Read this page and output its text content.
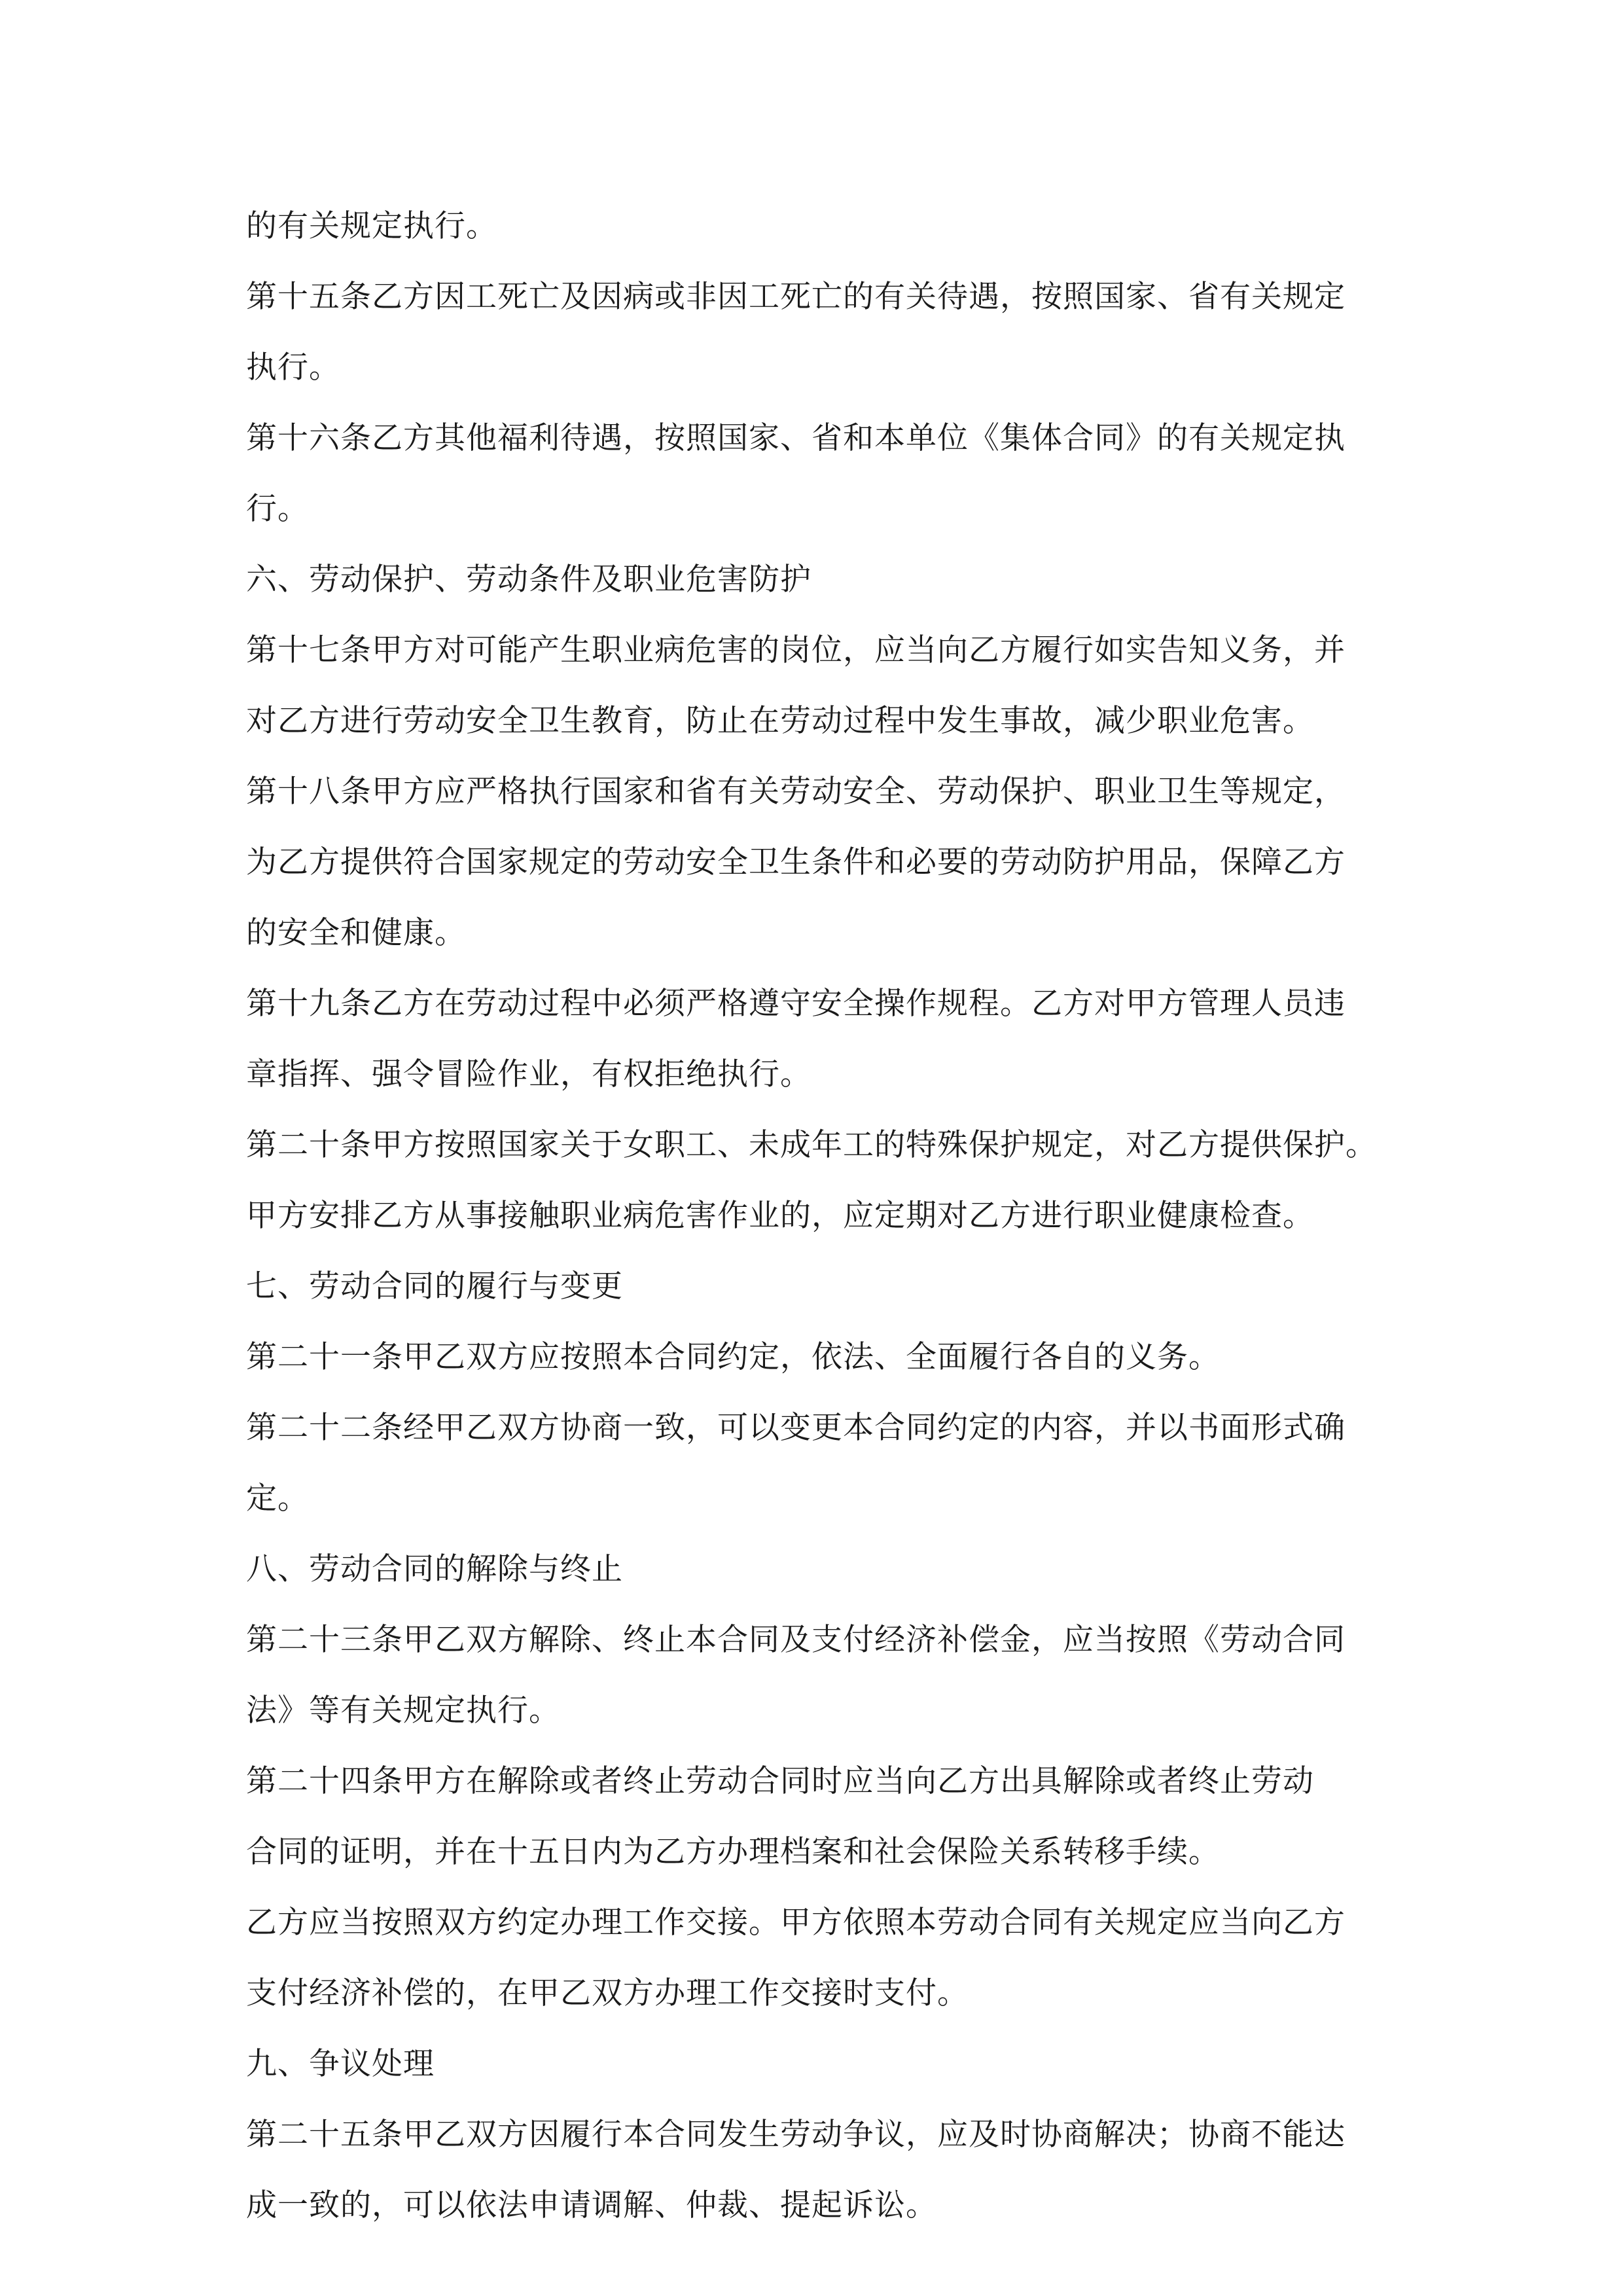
的有关规定执行。
第十五条乙方因工死亡及因病或非因工死亡的有关待遇，按照国家、省有关规定
执行。
第十六条乙方其他福利待遇，按照国家、省和本单位《集体合同》的有关规定执
行。
六、劳动保护、劳动条件及职业危害防护
第十七条甲方对可能产生职业病危害的岗位，应当向乙方履行如实告知义务，并
对乙方进行劳动安全卫生教育，防止在劳动过程中发生事故，减少职业危害。
第十八条甲方应严格执行国家和省有关劳动安全、劳动保护、职业卫生等规定，
为乙方提供符合国家规定的劳动安全卫生条件和必要的劳动防护用品，保障乙方
的安全和健康。
第十九条乙方在劳动过程中必须严格遵守安全操作规程。乙方对甲方管理人员违
章指挥、强令冒险作业，有权拒绝执行。
第二十条甲方按照国家关于女职工、未成年工的特殊保护规定，对乙方提供保护。
甲方安排乙方从事接触职业病危害作业的，应定期对乙方进行职业健康检查。
七、劳动合同的履行与变更
第二十一条甲乙双方应按照本合同约定，依法、全面履行各自的义务。
第二十二条经甲乙双方协商一致，可以变更本合同约定的内容，并以书面形式确
定。
八、劳动合同的解除与终止
第二十三条甲乙双方解除、终止本合同及支付经济补偿金，应当按照《劳动合同
法》等有关规定执行。
第二十四条甲方在解除或者终止劳动合同时应当向乙方出具解除或者终止劳动
合同的证明，并在十五日内为乙方办理档案和社会保险关系转移手续。
乙方应当按照双方约定办理工作交接。甲方依照本劳动合同有关规定应当向乙方
支付经济补偿的，在甲乙双方办理工作交接时支付。
九、争议处理
第二十五条甲乙双方因履行本合同发生劳动争议，应及时协商解决；协商不能达
成一致的，可以依法申请调解、仲裁、提起诉讼。
